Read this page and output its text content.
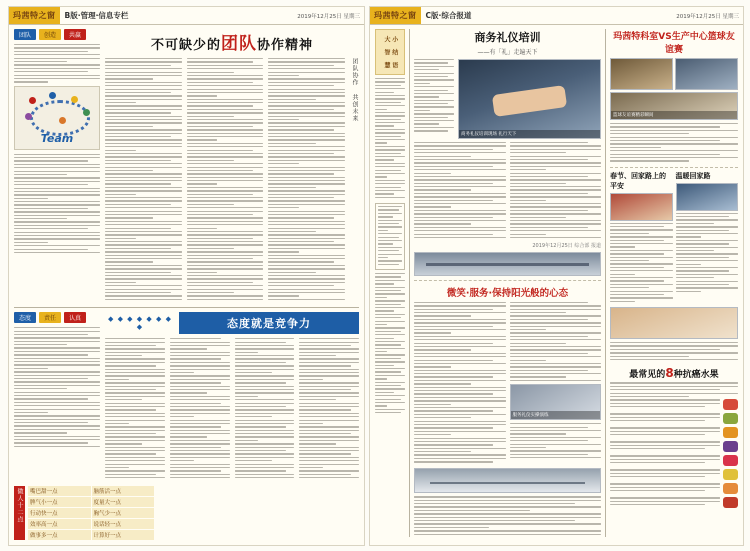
玛茜特之窗	B版·管理·信息专栏	2019年12月25日 星期三
团队	创造	共赢
Team
不可缺少的团队协作精神
团队协作 共创未来
态度	责任	认真	◆ ◆ ◆ ◆ ◆ ◆ ◆ ◆	态度就是竞争力
做人十二点	嘴巴甜一点	脑筋活一点
脾气小一点	度量大一点
行动快一点	胸气少一点
效率高一点	说话轻一点
做事多一点	计算好一点
玛茜特之窗	C版·综合报道	2019年12月25日 星期三
小 结 语 大 智 慧	商务礼仪培训
——有「礼」走遍天下
商务礼仪培训现场 礼行天下
2019年12月25日 综合部 报道
微笑·服务·保持阳光般的心态
服务礼仪实操演练
玛茜特科室VS生产中心篮球友谊赛
篮球友谊赛精彩瞬间
春节、回家路上的平安
温暖回家路
最常见的8种抗癌水果
